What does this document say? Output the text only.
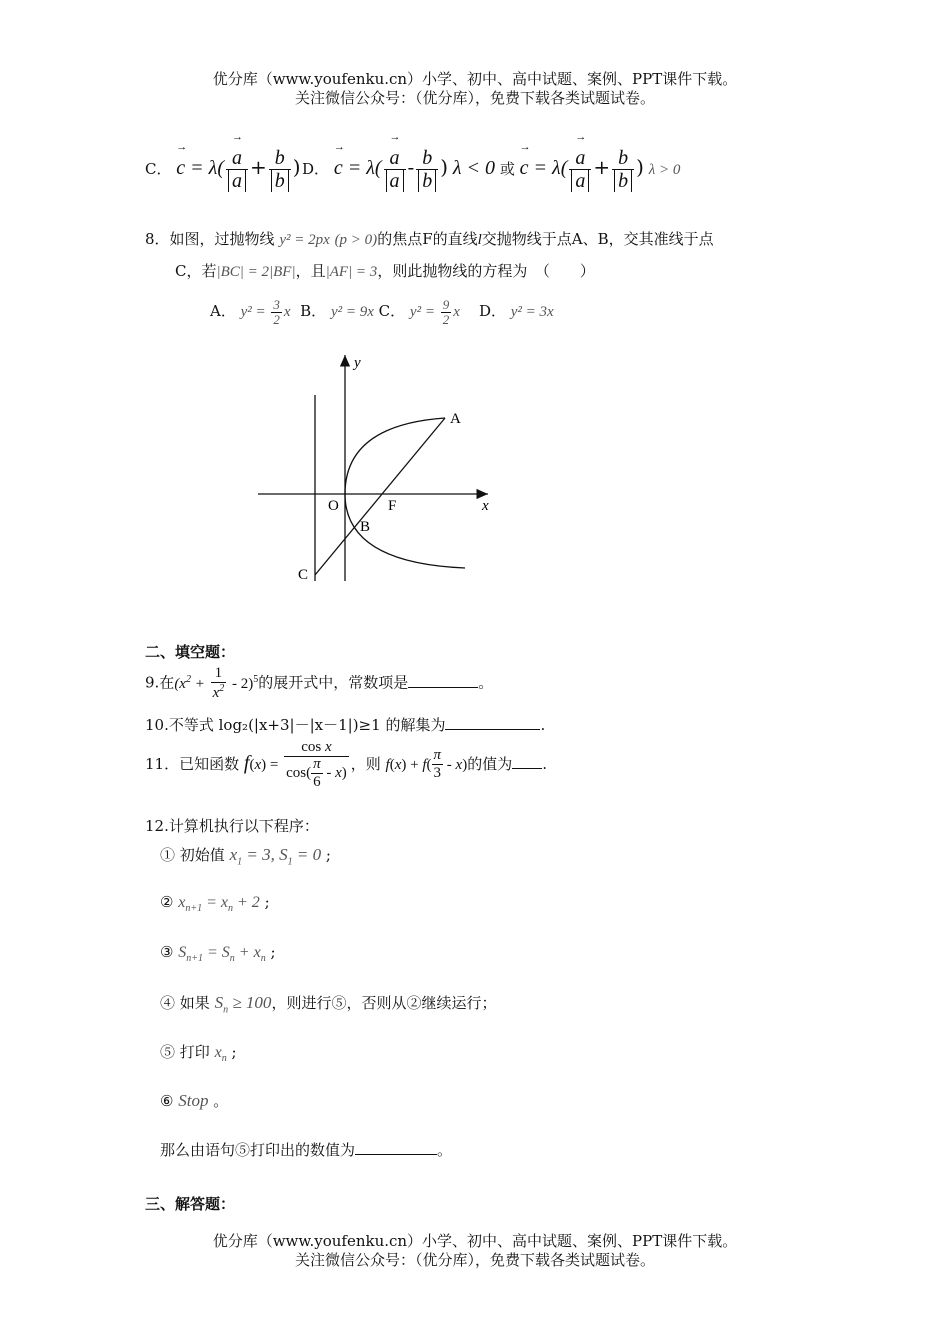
优分库（www.youfenku.cn）小学、初中、高中试题、案例、PPT课件下载。
关注微信公众号：（优分库），免费下载各类试题试卷。
C． → c = λ(
→ $\frac{a}{a} + \frac{b}{b}$ ) D． → c = λ(
→ $\frac{a}{a} - \frac{b}{b}$ ) λ < 0 或 → c = λ(
→ $\frac{a}{a} + \frac{b}{b}$ ) λ > 0
8．如图，过抛物线 y² = 2px (p > 0)的焦点F的直线l交抛物线于点A、B，交其准线于点
C，若|BC| = 2|BF|，且|AF| = 3，则此抛物线的方程为　（　　）
A． $y^2 = \frac{3}{2}$ x B． y² = 9x C． $y^2 = \frac{9}{2}$ x D． y² = 3x
y
x
A
O	F
B
C
二、填空题：
9.在$(x^2 + \frac{1}{x^2} - 2)^5$的展开式中，常数项是	。
10.不等式 log₂(|x+3|－|x－1|)≥1 的解集为	.
11．已知函数 $f(x) = \frac{\text{cos x}}{\cos( \frac{\pi}{6} - x)}$ ，则 $f(x) + f( \frac{\pi}{3} - x)$的值为 .
12.计算机执行以下程序：
① 初始值 $x_1 = 3$, $S_1 = 0$ ;
② $x_{n+1} = x_n + 2$ ;
③ $S_{n+1} = S_n + x_n$ ;
④ 如果 $S_n \ge 100$，则进行⑤，否则从②继续运行；
⑤ 打印 $x_n$ ;
⑥ Stop 。
那么由语句⑤打印出的数值为	。
三、解答题：
优分库（www.youfenku.cn）小学、初中、高中试题、案例、PPT课件下载。
关注微信公众号：（优分库），免费下载各类试题试卷。
